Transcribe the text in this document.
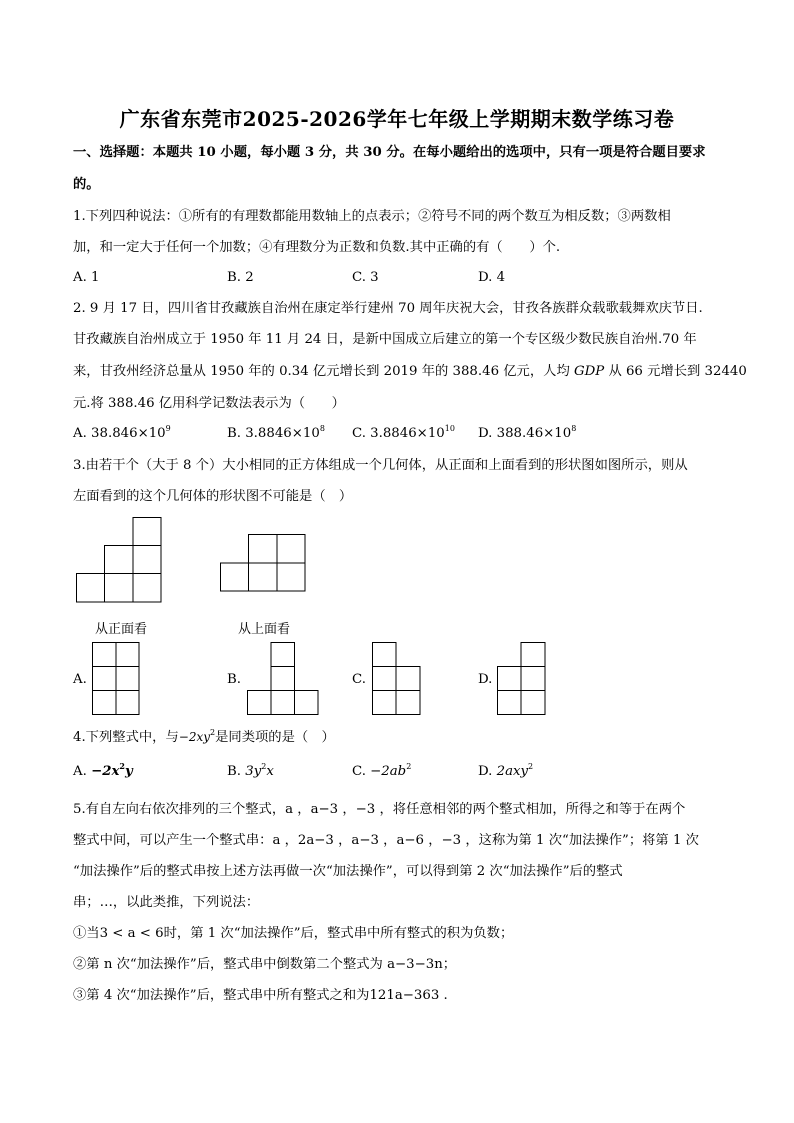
广东省东莞市2025-2026学年七年级上学期期末数学练习卷
一、选择题：本题共 10 小题，每小题 3 分，共 30 分。在每小题给出的选项中，只有一项是符合题目要求
的。
1.下列四种说法：①所有的有理数都能用数轴上的点表示；②符号不同的两个数互为相反数；③两数相
加，和一定大于任何一个加数；④有理数分为正数和负数.其中正确的有（　　）个.
A. 1	B. 2	C. 3	D. 4
2. 9 月 17 日，四川省甘孜藏族自治州在康定举行建州 70 周年庆祝大会，甘孜各族群众载歌载舞欢庆节日.
甘孜藏族自治州成立于 1950 年 11 月 24 日，是新中国成立后建立的第一个专区级少数民族自治州.70 年
来，甘孜州经济总量从 1950 年的 0.34 亿元增长到 2019 年的 388.46 亿元，人均 GDP 从 66 元增长到 32440
元.将 388.46 亿用科学记数法表示为（　　）
A. $38.846\times 10^9$	B. $3.8846\times 10^8$ C. $3.8846\times 10^{10}$ D. $388.46\times 10^8$
3.由若干个（大于 8 个）大小相同的正方体组成一个几何体，从正面和上面看到的形状图如图所示，则从
左面看到的这个几何体的形状图不可能是（　）
从正面看	从上面看
A.	B.	C.	D.
4.下列整式中，与$-2xy^2$是同类项的是（　）
A. $-2x^2y$	B. $3y^2x$	C. $-2ab^2$	D. 2axy$^2$
5.有自左向右依次排列的三个整式，a ，a−3 ，−3 ，将任意相邻的两个整式相加，所得之和等于在两个
整式中间，可以产生一个整式串：a ，2a−3 ，a−3 ，a−6 ，−3 ，这称为第 1 次“加法操作”；将第 1 次
“加法操作”后的整式串按上述方法再做一次“加法操作”，可以得到第 2 次“加法操作”后的整式
串；…，以此类推，下列说法：
①当3 < a < 6时，第 1 次“加法操作”后，整式串中所有整式的积为负数；
②第 n 次“加法操作”后，整式串中倒数第二个整式为 a−3−3n；
③第 4 次“加法操作”后，整式串中所有整式之和为121a−363 .
